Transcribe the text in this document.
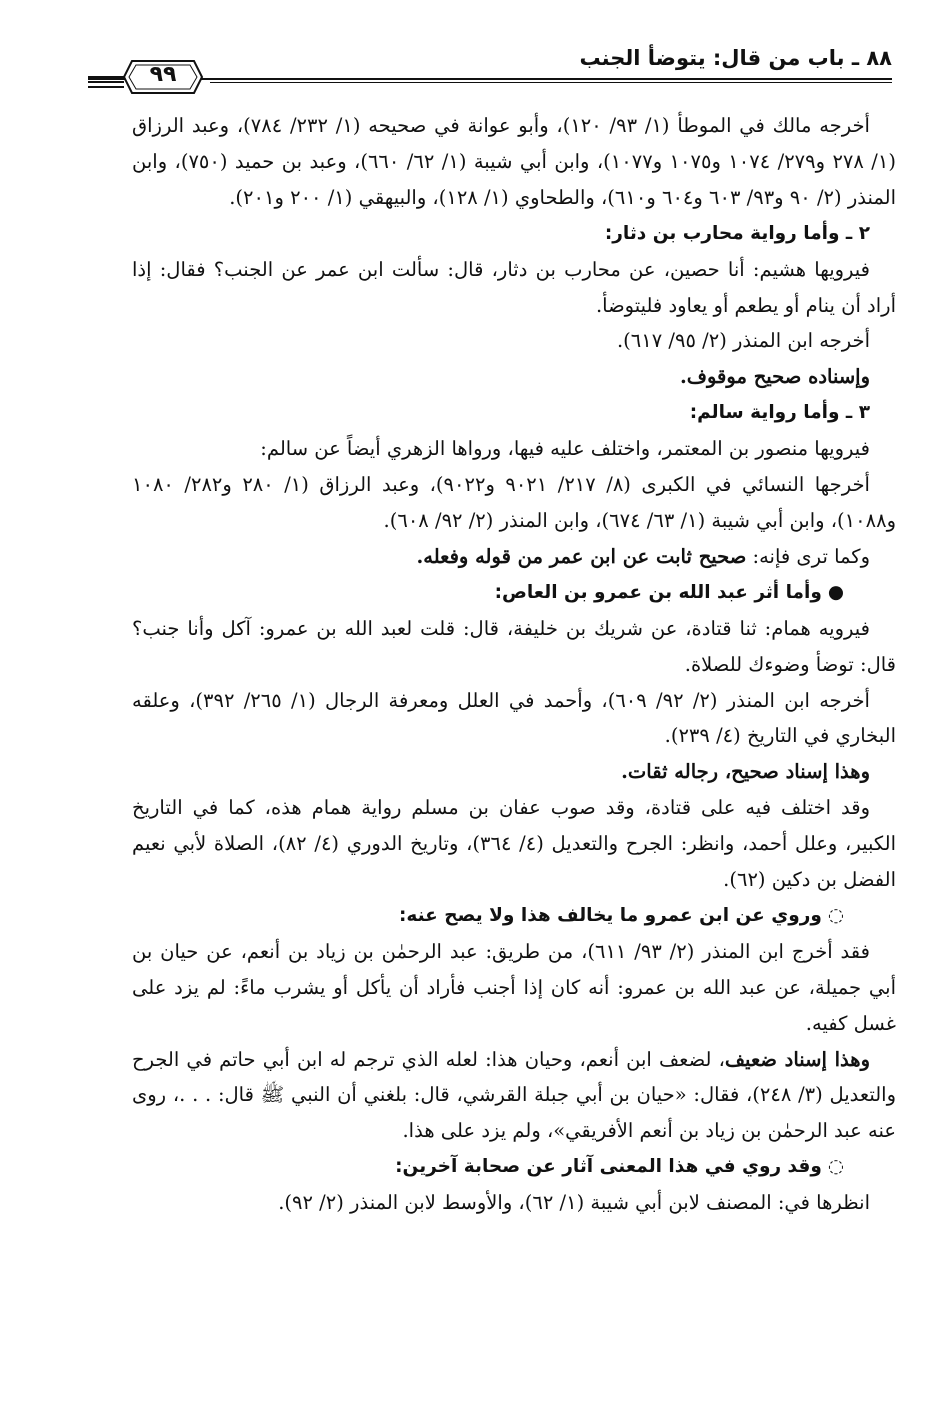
٨٨ ـ باب من قال: يتوضأ الجنب
٩٩

أخرجه مالك في الموطأ (١/ ٩٣/ ١٢٠)، وأبو عوانة في صحيحه (١/ ٢٣٢/ ٧٨٤)، وعبد الرزاق (١/ ٢٧٨ و٢٧٩/ ١٠٧٤ و١٠٧٥ و١٠٧٧)، وابن أبي شيبة (١/ ٦٢/ ٦٦٠)، وعبد بن حميد (٧٥٠)، وابن المنذر (٢/ ٩٠ و٩٣/ ٦٠٣ و٦٠٤ و٦١٠)، والطحاوي (١/ ١٢٨)، والبيهقي (١/ ٢٠٠ و٢٠١).

٢ ـ وأما رواية محارب بن دثار:

فيرويها هشيم: أنا حصين، عن محارب بن دثار، قال: سألت ابن عمر عن الجنب؟ فقال: إذا أراد أن ينام أو يطعم أو يعاود فليتوضأ.

أخرجه ابن المنذر (٢/ ٩٥/ ٦١٧).

وإسناده صحيح موقوف.

٣ ـ وأما رواية سالم:

فيرويها منصور بن المعتمر، واختلف عليه فيها، ورواها الزهري أيضاً عن سالم:

أخرجها النسائي في الكبرى (٨/ ٢١٧/ ٩٠٢١ و٩٠٢٢)، وعبد الرزاق (١/ ٢٨٠ و٢٨٢/ ١٠٨٠ و١٠٨٨)، وابن أبي شيبة (١/ ٦٣/ ٦٧٤)، وابن المنذر (٢/ ٩٢/ ٦٠٨).

وكما ترى فإنه: صحيح ثابت عن ابن عمر من قوله وفعله.

●وأما أثر عبد الله بن عمرو بن العاص:

فيرويه همام: ثنا قتادة، عن شريك بن خليفة، قال: قلت لعبد الله بن عمرو: آكل وأنا جنب؟ قال: توضأ وضوءك للصلاة.

أخرجه ابن المنذر (٢/ ٩٢/ ٦٠٩)، وأحمد في العلل ومعرفة الرجال (١/ ٢٦٥/ ٣٩٢)، وعلقه البخاري في التاريخ (٤/ ٢٣٩).

وهذا إسناد صحيح، رجاله ثقات.

وقد اختلف فيه على قتادة، وقد صوب عفان بن مسلم رواية همام هذه، كما في التاريخ الكبير، وعلل أحمد، وانظر: الجرح والتعديل (٤/ ٣٦٤)، وتاريخ الدوري (٤/ ٨٢)، الصلاة لأبي نعيم الفضل بن دكين (٦٢).

◌وروي عن ابن عمرو ما يخالف هذا ولا يصح عنه:

فقد أخرج ابن المنذر (٢/ ٩٣/ ٦١١)، من طريق: عبد الرحمٰن بن زياد بن أنعم، عن حيان بن أبي جميلة، عن عبد الله بن عمرو: أنه كان إذا أجنب فأراد أن يأكل أو يشرب ماءً: لم يزد على غسل كفيه.

وهذا إسناد ضعيف، لضعف ابن أنعم، وحيان هذا: لعله الذي ترجم له ابن أبي حاتم في الجرح والتعديل (٣/ ٢٤٨)، فقال: «حيان بن أبي جبلة القرشي، قال: بلغني أن النبي ﷺ قال: . . .، روى عنه عبد الرحمٰن بن زياد بن أنعم الأفريقي»، ولم يزد على هذا.

◌وقد روي في هذا المعنى آثار عن صحابة آخرين:

انظرها في: المصنف لابن أبي شيبة (١/ ٦٢)، والأوسط لابن المنذر (٢/ ٩٢).
